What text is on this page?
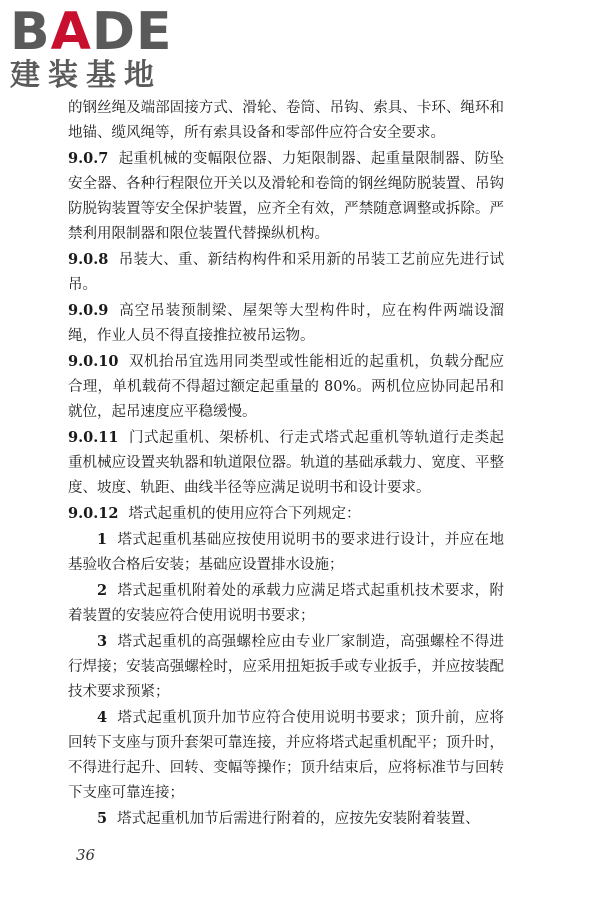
BADE
建装基地

的钢丝绳及端部固接方式、滑轮、卷筒、吊钩、索具、卡环、绳环和地锚、缆风绳等，所有索具设备和零部件应符合安全要求。

9.0.7 起重机械的变幅限位器、力矩限制器、起重量限制器、防坠安全器、各种行程限位开关以及滑轮和卷筒的钢丝绳防脱装置、吊钩防脱钩装置等安全保护装置，应齐全有效，严禁随意调整或拆除。严禁利用限制器和限位装置代替操纵机构。

9.0.8 吊装大、重、新结构构件和采用新的吊装工艺前应先进行试吊。

9.0.9 高空吊装预制梁、屋架等大型构件时，应在构件两端设溜绳，作业人员不得直接推拉被吊运物。

9.0.10 双机抬吊宜选用同类型或性能相近的起重机，负载分配应合理，单机载荷不得超过额定起重量的 80%。两机位应协同起吊和就位，起吊速度应平稳缓慢。

9.0.11 门式起重机、架桥机、行走式塔式起重机等轨道行走类起重机械应设置夹轨器和轨道限位器。轨道的基础承载力、宽度、平整度、坡度、轨距、曲线半径等应满足说明书和设计要求。

9.0.12 塔式起重机的使用应符合下列规定：

1 塔式起重机基础应按使用说明书的要求进行设计，并应在地基验收合格后安装；基础应设置排水设施；

2 塔式起重机附着处的承载力应满足塔式起重机技术要求，附着装置的安装应符合使用说明书要求；

3 塔式起重机的高强螺栓应由专业厂家制造，高强螺栓不得进行焊接；安装高强螺栓时，应采用扭矩扳手或专业扳手，并应按装配技术要求预紧；

4 塔式起重机顶升加节应符合使用说明书要求；顶升前，应将回转下支座与顶升套架可靠连接，并应将塔式起重机配平；顶升时，不得进行起升、回转、变幅等操作；顶升结束后，应将标准节与回转下支座可靠连接；

5 塔式起重机加节后需进行附着的，应按先安装附着装置、

36
